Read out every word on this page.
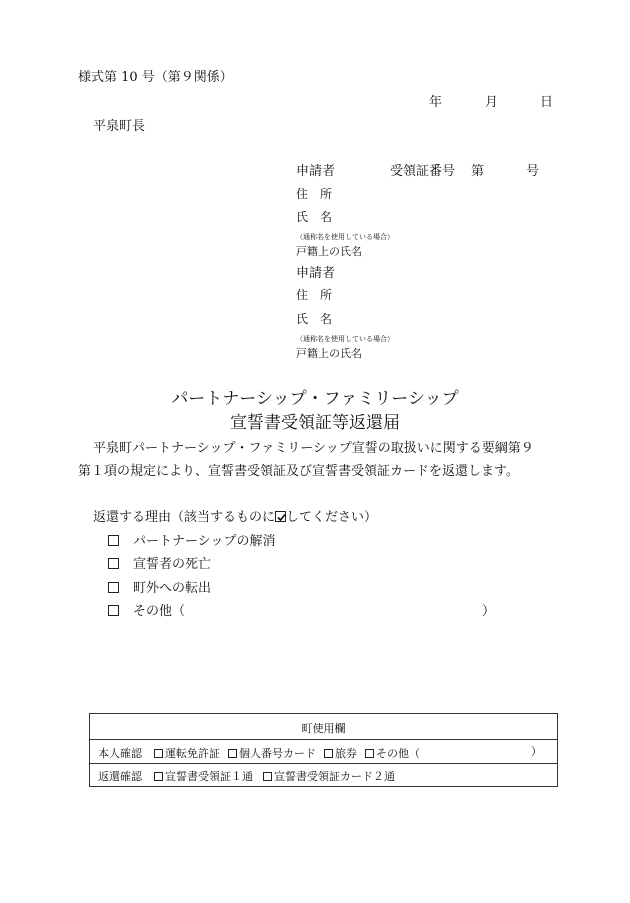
様式第 10 号（第９関係）
年	月	日
平泉町長
申請者	受領証番号 第	号
住　所
氏　名
（通称名を使用している場合）
戸籍上の氏名
申請者
住　所
氏　名
（通称名を使用している場合）
戸籍上の氏名
パートナーシップ・ファミリーシップ
宣誓書受領証等返還届
平泉町パートナーシップ・ファミリーシップ宣誓の取扱いに関する要綱第９
第１項の規定により、宣誓書受領証及び宣誓書受領証カードを返還します。
返還する理由（該当するものに してください）
パートナーシップの解消
宣誓者の死亡
町外への転出
その他（	）
町使用欄
本人確認 運転免許証 個人番号カード 旅券 その他（	）
返還確認 宣誓書受領証１通 宣誓書受領証カード２通
